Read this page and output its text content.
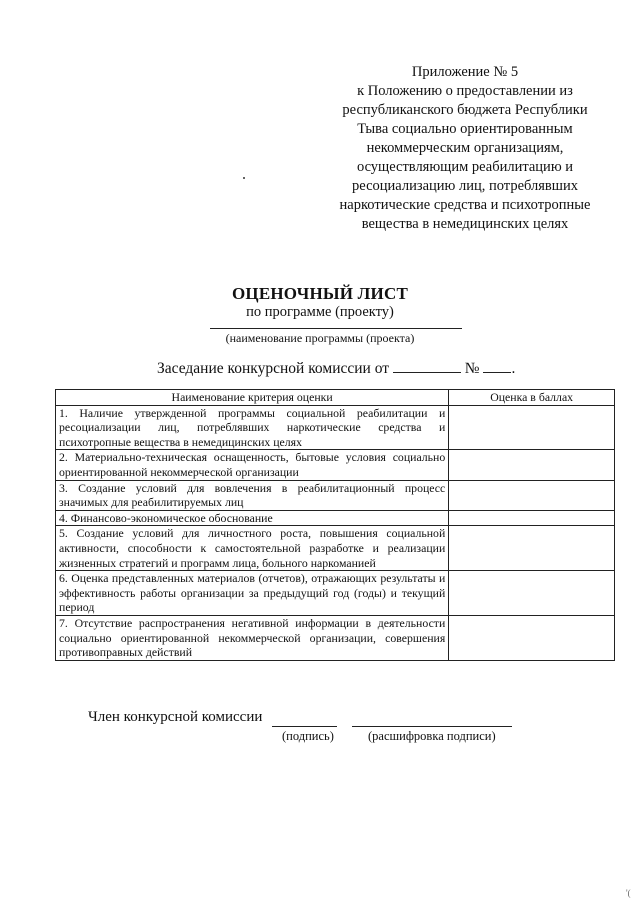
Приложение № 5
к Положению о предоставлении из
республиканского бюджета Республики
Тыва социально ориентированным
некоммерческим организациям,
осуществляющим реабилитацию и
ресоциализацию лиц, потреблявших
наркотические средства и психотропные
вещества в немедицинских целях
ОЦЕНОЧНЫЙ ЛИСТ
по программе (проекту)
(наименование программы (проекта)
Заседание конкурсной комиссии от	№ .
Наименование критерия оценки	Оценка в баллах
1. Наличие утвержденной программы социальной реабилитации и ресоциализации лиц, потреблявших наркотические средства и психотропные вещества в немедицинских целях	
2. Материально-техническая оснащенность, бытовые условия социально ориентированной некоммерческой организации	
3. Создание условий для вовлечения в реабилитационный процесс значимых для реабилитируемых лиц	
4. Финансово-экономическое обоснование	
5. Создание условий для личностного роста, повышения социальной активности, способности к самостоятельной разработке и реализации жизненных стратегий и программ лица, больного наркоманией	
6. Оценка представленных материалов (отчетов), отражающих результаты и эффективность работы организации за предыдущий год (годы) и текущий период	
7. Отсутствие распространения негативной информации в деятельности социально ориентированной некоммерческой организации, совершения противоправных действий	
Член конкурсной комиссии
(подпись)	(расшифровка подписи)
'(
